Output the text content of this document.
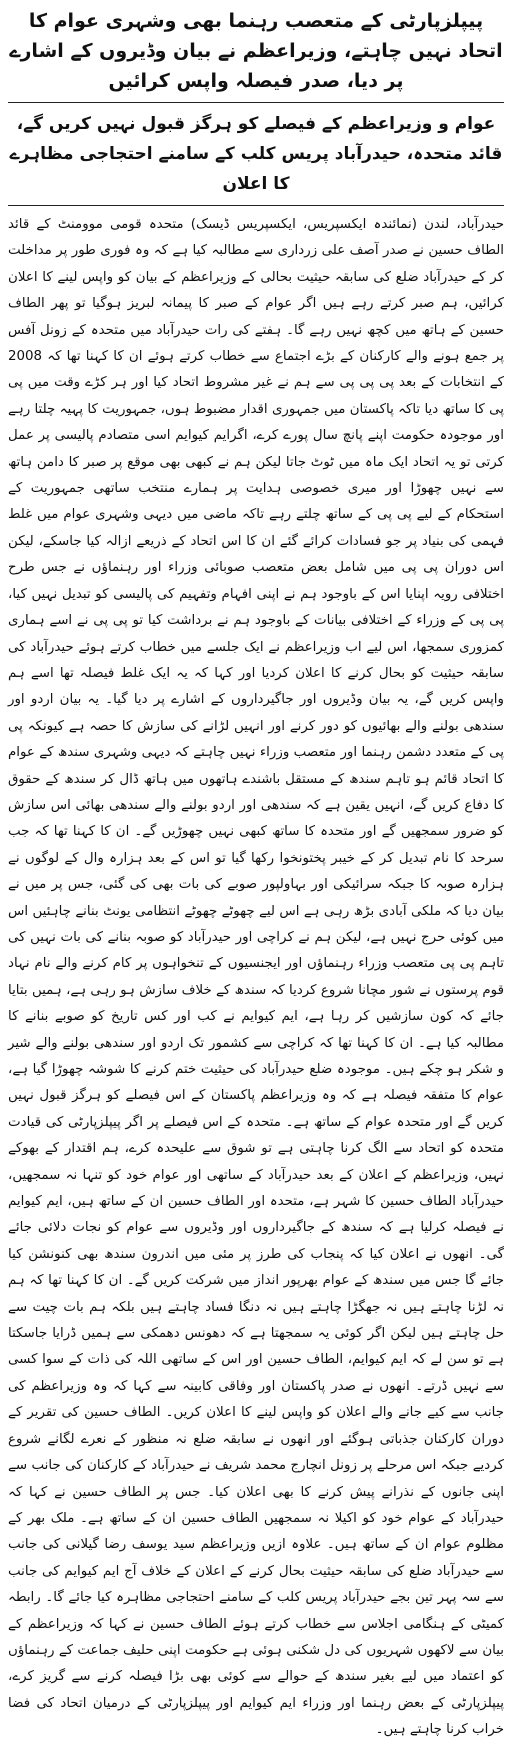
پیپلزپارٹی کے متعصب رہنما بھی وشہری عوام کا اتحاد نہیں چاہتے، وزیراعظم نے بیان وڈیروں کے اشارے پر دیا، صدر فیصلہ واپس کرائیں
عوام و وزیراعظم کے فیصلے کو ہرگز قبول نہیں کریں گے، قائد متحدہ، حیدرآباد پریس کلب کے سامنے احتجاجی مظاہرے کا اعلان

حیدرآباد، لندن (نمائندہ ایکسپریس، ایکسپریس ڈیسک) متحدہ قومی موومنٹ کے قائد الطاف حسین نے صدر آصف علی زرداری سے مطالبہ کیا ہے کہ وہ فوری طور پر مداخلت کر کے حیدرآباد ضلع کی سابقہ حیثیت بحالی کے وزیراعظم کے بیان کو واپس لینے کا اعلان کرائیں، ہم صبر کرتے رہے ہیں اگر عوام کے صبر کا پیمانہ لبریز ہوگیا تو پھر الطاف حسین کے ہاتھ میں کچھ نہیں رہے گا۔ ہفتے کی رات حیدرآباد میں متحدہ کے زونل آفس پر جمع ہونے والے کارکنان کے بڑے اجتماع سے خطاب کرتے ہوئے ان کا کہنا تھا کہ 2008 کے انتخابات کے بعد پی پی پی سے ہم نے غیر مشروط اتحاد کیا اور ہر کڑے وقت میں پی پی کا ساتھ دیا تاکہ پاکستان میں جمہوری اقدار مضبوط ہوں، جمہوریت کا پہیہ چلتا رہے اور موجودہ حکومت اپنے پانچ سال پورے کرے، اگرایم کیوایم اسی متصادم پالیسی پر عمل کرتی تو یہ اتحاد ایک ماہ میں ٹوٹ جاتا لیکن ہم نے کبھی بھی موقع پر صبر کا دامن ہاتھ سے نہیں چھوڑا اور میری خصوصی ہدایت پر ہمارے منتخب ساتھی جمہوریت کے استحکام کے لیے پی پی کے ساتھ چلتے رہے تاکہ ماضی میں دیہی وشہری عوام میں غلط فہمی کی بنیاد پر جو فسادات کرائے گئے ان کا اس اتحاد کے ذریعے ازالہ کیا جاسکے، لیکن اس دوران پی پی میں شامل بعض متعصب صوبائی وزراء اور رہنماؤں نے جس طرح اختلافی رویہ اپنایا اس کے باوجود ہم نے اپنی افہام وتفہیم کی پالیسی کو تبدیل نہیں کیا، پی پی کے وزراء کے اختلافی بیانات کے باوجود ہم نے برداشت کیا تو پی پی نے اسے ہماری کمزوری سمجھا، اس لیے اب وزیراعظم نے ایک جلسے میں خطاب کرتے ہوئے حیدرآباد کی سابقہ حیثیت کو بحال کرنے کا اعلان کردیا اور کہا کہ یہ ایک غلط فیصلہ تھا اسے ہم واپس کریں گے، یہ بیان وڈیروں اور جاگیرداروں کے اشارے پر دیا گیا۔ یہ بیان اردو اور سندھی بولنے والے بھائیوں کو دور کرنے اور انہیں لڑانے کی سازش کا حصہ ہے کیونکہ پی پی کے متعدد دشمن رہنما اور متعصب وزراء نہیں چاہتے کہ دیہی وشہری سندھ کے عوام کا اتحاد قائم ہو تاہم سندھ کے مستقل باشندے ہاتھوں میں ہاتھ ڈال کر سندھ کے حقوق کا دفاع کریں گے، انہیں یقین ہے کہ سندھی اور اردو بولنے والے سندھی بھائی اس سازش کو ضرور سمجھیں گے اور متحدہ کا ساتھ کبھی نہیں چھوڑیں گے۔ ان کا کہنا تھا کہ جب سرحد کا نام تبدیل کر کے خیبر پختونخوا رکھا گیا تو اس کے بعد ہزارہ وال کے لوگوں نے ہزارہ صوبہ کا جبکہ سرائیکی اور بہاولپور صوبے کی بات بھی کی گئی، جس پر میں نے بیان دیا کہ ملکی آبادی بڑھ رہی ہے اس لیے چھوٹے چھوٹے انتظامی یونٹ بنانے چاہئیں اس میں کوئی حرج نہیں ہے، لیکن ہم نے کراچی اور حیدرآباد کو صوبہ بنانے کی بات نہیں کی تاہم پی پی متعصب وزراء رہنماؤں اور ایجنسیوں کے تنخواہوں پر کام کرنے والے نام نہاد قوم پرستوں نے شور مچانا شروع کردیا کہ سندھ کے خلاف سازش ہو رہی ہے، ہمیں بتایا جائے کہ کون سازشیں کر رہا ہے، ایم کیوایم نے کب اور کس تاریخ کو صوبے بنانے کا مطالبہ کیا ہے۔ ان کا کہنا تھا کہ کراچی سے کشمور تک اردو اور سندھی بولنے والے شیر و شکر ہو چکے ہیں۔ موجودہ ضلع حیدرآباد کی حیثیت ختم کرنے کا شوشہ چھوڑا گیا ہے، عوام کا متفقہ فیصلہ ہے کہ وہ وزیراعظم پاکستان کے اس فیصلے کو ہرگز قبول نہیں کریں گے اور متحدہ عوام کے ساتھ ہے۔ متحدہ کے اس فیصلے پر اگر پیپلزپارٹی کی قیادت متحدہ کو اتحاد سے الگ کرنا چاہتی ہے تو شوق سے علیحدہ کرے، ہم اقتدار کے بھوکے نہیں، وزیراعظم کے اعلان کے بعد حیدرآباد کے ساتھی اور عوام خود کو تنہا نہ سمجھیں، حیدرآباد الطاف حسین کا شہر ہے، متحدہ اور الطاف حسین ان کے ساتھ ہیں، ایم کیوایم نے فیصلہ کرلیا ہے کہ سندھ کے جاگیرداروں اور وڈیروں سے عوام کو نجات دلائی جائے گی۔ انھوں نے اعلان کیا کہ پنجاب کی طرز پر مئی میں اندرون سندھ بھی کنونشن کیا جائے گا جس میں سندھ کے عوام بھرپور انداز میں شرکت کریں گے۔ ان کا کہنا تھا کہ ہم نہ لڑنا چاہتے ہیں نہ جھگڑا چاہتے ہیں نہ دنگا فساد چاہتے ہیں بلکہ ہم بات چیت سے حل چاہتے ہیں لیکن اگر کوئی یہ سمجھتا ہے کہ دھونس دھمکی سے ہمیں ڈرایا جاسکتا ہے تو سن لے کہ ایم کیوایم، الطاف حسین اور اس کے ساتھی اللہ کی ذات کے سوا کسی سے نہیں ڈرتے۔ انھوں نے صدر پاکستان اور وفاقی کابینہ سے کہا کہ وہ وزیراعظم کی جانب سے کیے جانے والے اعلان کو واپس لینے کا اعلان کریں۔ الطاف حسین کی تقریر کے دوران کارکنان جذباتی ہوگئے اور انھوں نے سابقہ ضلع نہ منظور کے نعرے لگانے شروع کردیے جبکہ اس مرحلے پر زونل انچارج محمد شریف نے حیدرآباد کے کارکنان کی جانب سے اپنی جانوں کے نذرانے پیش کرنے کا بھی اعلان کیا۔ جس پر الطاف حسین نے کہا کہ حیدرآباد کے عوام خود کو اکیلا نہ سمجھیں الطاف حسین ان کے ساتھ ہے۔ ملک بھر کے مظلوم عوام ان کے ساتھ ہیں۔ علاوہ ازیں وزیراعظم سید یوسف رضا گیلانی کی جانب سے حیدرآباد ضلع کی سابقہ حیثیت بحال کرنے کے اعلان کے خلاف آج ایم کیوایم کی جانب سے سہ پہر تین بجے حیدرآباد پریس کلب کے سامنے احتجاجی مظاہرہ کیا جائے گا۔ رابطہ کمیٹی کے ہنگامی اجلاس سے خطاب کرتے ہوئے الطاف حسین نے کہا کہ وزیراعظم کے بیان سے لاکھوں شہریوں کی دل شکنی ہوئی ہے حکومت اپنی حلیف جماعت کے رہنماؤں کو اعتماد میں لیے بغیر سندھ کے حوالے سے کوئی بھی بڑا فیصلہ کرنے سے گریز کرے، پیپلزپارٹی کے بعض رہنما اور وزراء ایم کیوایم اور پیپلزپارٹی کے درمیان اتحاد کی فضا خراب کرنا چاہتے ہیں۔
